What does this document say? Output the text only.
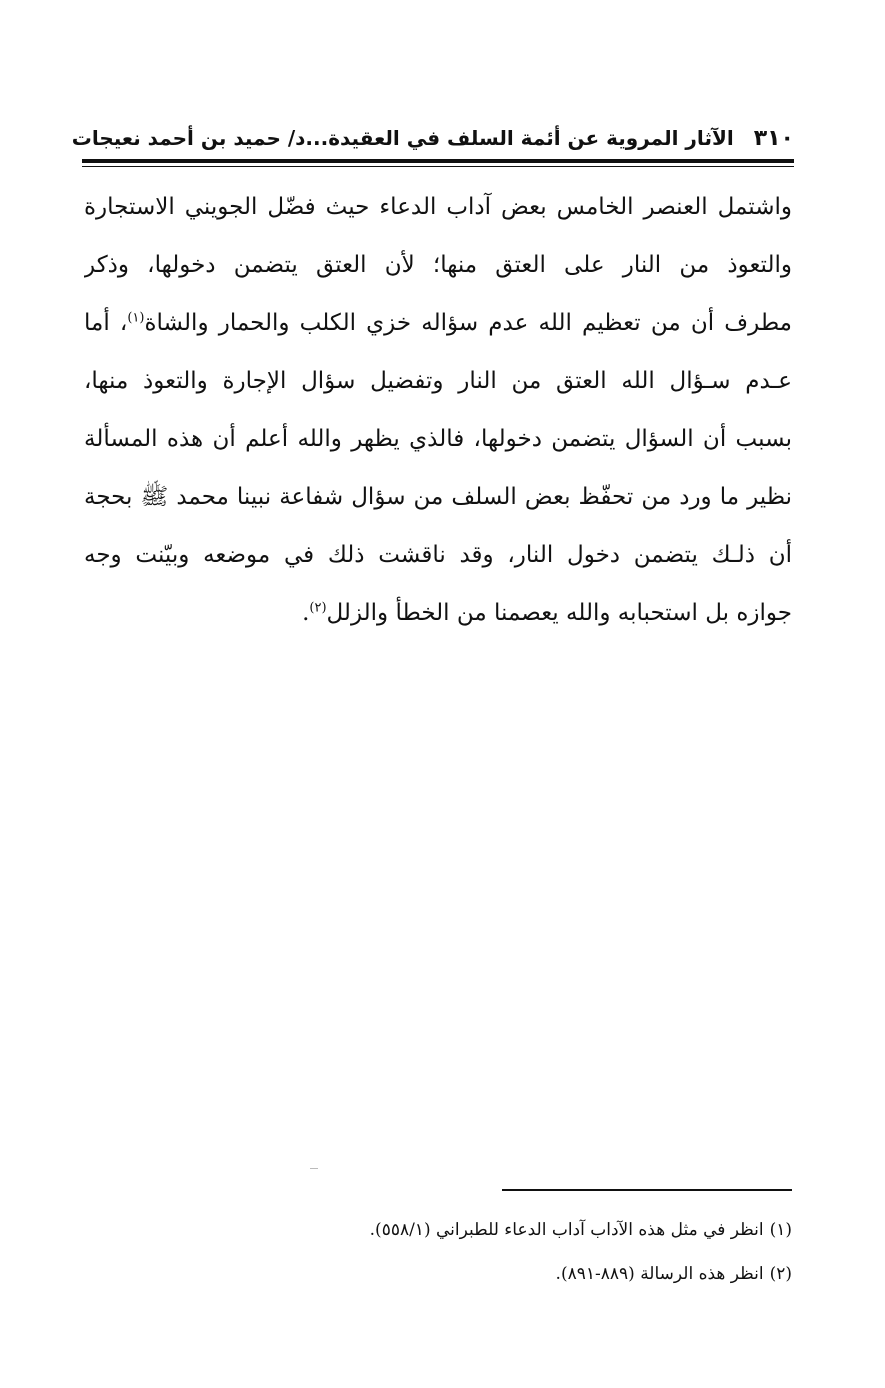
٣١٠
الآثار المروية عن أئمة السلف في العقيدة...د/ حميد بن أحمد نعيجات
واشتمل العنصر الخامس بعض آداب الدعاء حيث فضّل الجويني الاستجارة
والتعوذ من النار على العتق منها؛ لأن العتق يتضمن دخولها، وذكر
مطرف أن من تعظيم الله عدم سؤاله خزي الكلب والحمار والشاة$^{(١)}$، أما
عـدم سـؤال الله العتق من النار وتفضيل سؤال الإجارة والتعوذ منها،
بسبب أن السؤال يتضمن دخولها، فالذي يظهر والله أعلم أن هذه المسألة
نظير ما ورد من تحفّظ بعض السلف من سؤال شفاعة نبينا محمد ﷺ بحجة
أن ذلـك يتضمن دخول النار، وقد ناقشت ذلك في موضعه وبيّنت وجه
جوازه بل استحبابه والله يعصمنا من الخطأ والزلل$^{(٢)}$.
(١)انظر في مثل هذه الآداب آداب الدعاء للطبراني (٥٥٨/١).
(٢)انظر هذه الرسالة (٨٨٩-٨٩١).
